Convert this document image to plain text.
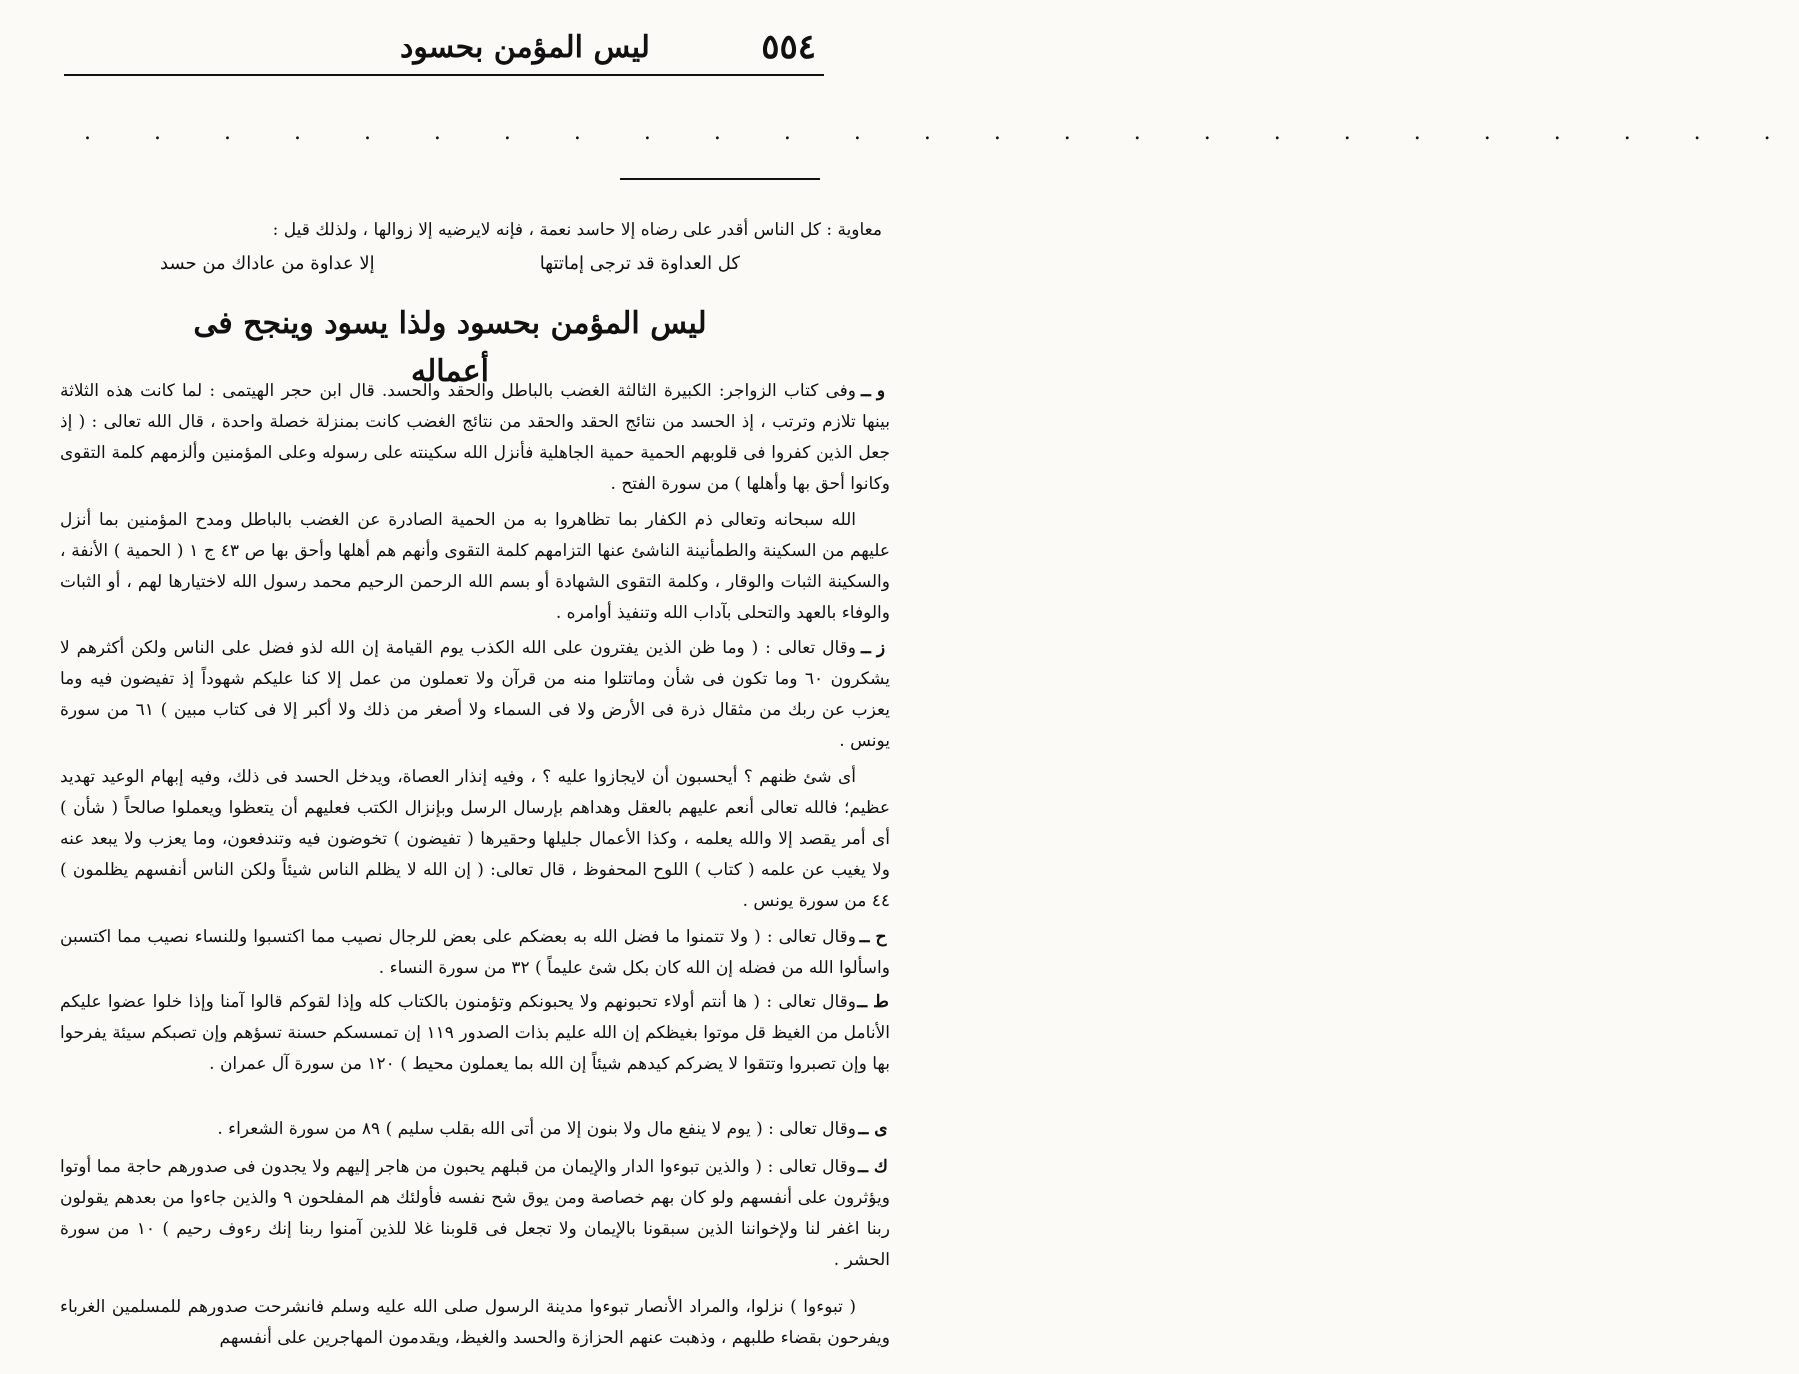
٥٥٤
ليس المؤمن بحسود
. . . . . . . . . . . . . . . . . . . . . . . . .
معاوية : كل الناس أقدر على رضاه إلا حاسد نعمة ، فإنه لايرضيه إلا زوالها ، ولذلك قيل :
كل العداوة قد ترجى إماتتها
إلا عداوة من عاداك من حسد
ليس المؤمن بحسود ولذا يسود وينجح فى أعماله
و ــوفى كتاب الزواجر: الكبيرة الثالثة الغضب بالباطل والحقد والحسد. قال ابن حجر الهيتمى : لما كانت هذه الثلاثة بينها تلازم وترتب ، إذ الحسد من نتائج الحقد والحقد من نتائج الغضب كانت بمنزلة خصلة واحدة ، قال الله تعالى : ( إذ جعل الذين كفروا فى قلوبهم الحمية حمية الجاهلية فأنزل الله سكينته على رسوله وعلى المؤمنين وألزمهم كلمة التقوى وكانوا أحق بها وأهلها ) من سورة الفتح .
الله سبحانه وتعالى ذم الكفار بما تظاهروا به من الحمية الصادرة عن الغضب بالباطل ومدح المؤمنين بما أنزل عليهم من السكينة والطمأنينة الناشئ عنها التزامهم كلمة التقوى وأنهم هم أهلها وأحق بها ص ٤٣ ج ١ ( الحمية ) الأنفة ، والسكينة الثبات والوقار ، وكلمة التقوى الشهادة أو بسم الله الرحمن الرحيم محمد رسول الله لاختيارها لهم ، أو الثبات والوفاء بالعهد والتحلى بآداب الله وتنفيذ أوامره .
ز ــوقال تعالى : ( وما ظن الذين يفترون على الله الكذب يوم القيامة إن الله لذو فضل على الناس ولكن أكثرهم لا يشكرون ٦٠ وما تكون فى شأن وماتتلوا منه من قرآن ولا تعملون من عمل إلا كنا عليكم شهوداً إذ تفيضون فيه وما يعزب عن ربك من مثقال ذرة فى الأرض ولا فى السماء ولا أصغر من ذلك ولا أكبر إلا فى كتاب مبين ) ٦١ من سورة يونس .
أى شئ ظنهم ؟ أيحسبون أن لايجازوا عليه ؟ ، وفيه إنذار العصاة، ويدخل الحسد فى ذلك، وفيه إبهام الوعيد تهديد عظيم؛ فالله تعالى أنعم عليهم بالعقل وهداهم بإرسال الرسل وبإنزال الكتب فعليهم أن يتعظوا ويعملوا صالحاً ( شأن ) أى أمر يقصد إلا والله يعلمه ، وكذا الأعمال جليلها وحقيرها ( تفيضون ) تخوضون فيه وتندفعون، وما يعزب ولا يبعد عنه ولا يغيب عن علمه ( كتاب ) اللوح المحفوظ ، قال تعالى: ( إن الله لا يظلم الناس شيئاً ولكن الناس أنفسهم يظلمون ) ٤٤ من سورة يونس .
ح ــوقال تعالى : ( ولا تتمنوا ما فضل الله به بعضكم على بعض للرجال نصيب مما اكتسبوا وللنساء نصيب مما اكتسبن واسألوا الله من فضله إن الله كان بكل شئ عليماً ) ٣٢ من سورة النساء .
ط ــوقال تعالى : ( ها أنتم أولاء تحبونهم ولا يحبونكم وتؤمنون بالكتاب كله وإذا لقوكم قالوا آمنا وإذا خلوا عضوا عليكم الأنامل من الغيظ قل موتوا بغيظكم إن الله عليم بذات الصدور ١١٩ إن تمسسكم حسنة تسؤهم وإن تصبكم سيئة يفرحوا بها وإن تصبروا وتتقوا لا يضركم كيدهم شيئاً إن الله بما يعملون محيط ) ١٢٠ من سورة آل عمران .
ى ــوقال تعالى : ( يوم لا ينفع مال ولا بنون إلا من أتى الله بقلب سليم ) ٨٩ من سورة الشعراء .
ك ــوقال تعالى : ( والذين تبوءوا الدار والإيمان من قبلهم يحبون من هاجر إليهم ولا يجدون فى صدورهم حاجة مما أوتوا ويؤثرون على أنفسهم ولو كان بهم خصاصة ومن يوق شح نفسه فأولئك هم المفلحون ٩ والذين جاءوا من بعدهم يقولون ربنا اغفر لنا ولإخواننا الذين سبقونا بالإيمان ولا تجعل فى قلوبنا غلا للذين آمنوا ربنا إنك رءوف رحيم ) ١٠ من سورة الحشر .
( تبوءوا ) نزلوا، والمراد الأنصار تبوءوا مدينة الرسول صلى الله عليه وسلم فانشرحت صدورهم للمسلمين الغرباء ويفرحون بقضاء طلبهم ، وذهبت عنهم الحزازة والحسد والغيظ، ويقدمون المهاجرين على أنفسهم
